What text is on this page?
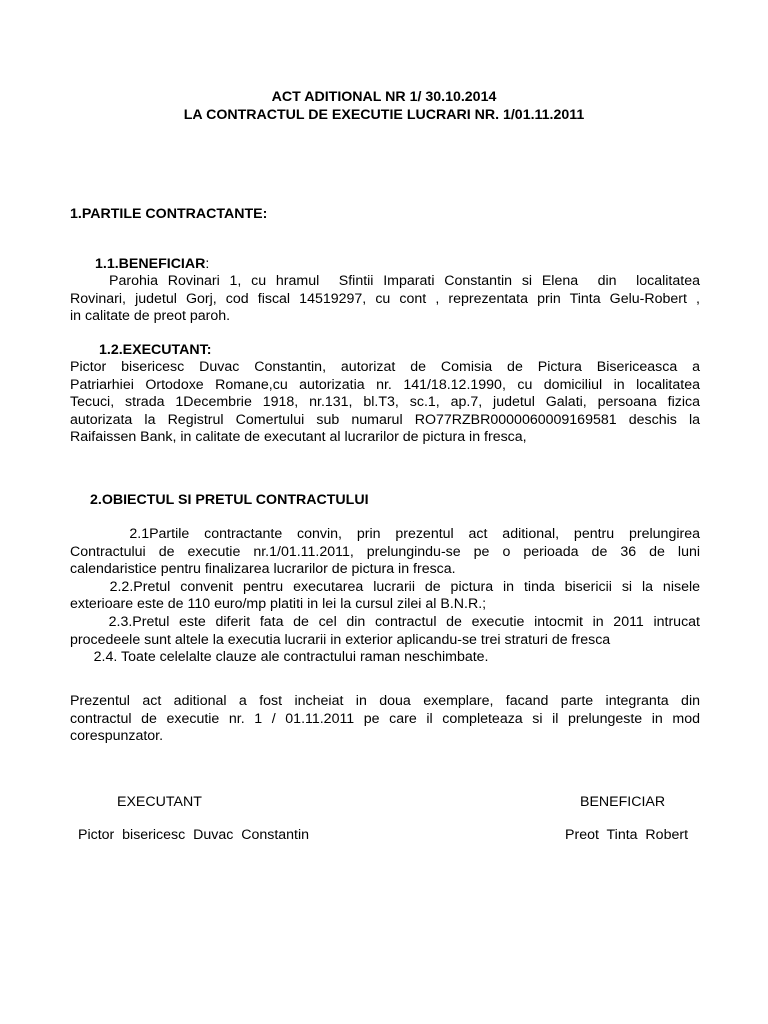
ACT ADITIONAL NR 1/ 30.10.2014
LA CONTRACTUL DE EXECUTIE LUCRARI NR. 1/01.11.2011
1.PARTILE CONTRACTANTE:
1.1.BENEFICIAR:
Parohia Rovinari 1, cu hramul  Sfintii Imparati Constantin si Elena  din  localitatea
Rovinari, judetul Gorj, cod fiscal 14519297, cu cont , reprezentata prin Tinta Gelu-Robert ,
in calitate de preot paroh.
1.2.EXECUTANT:
Pictor bisericesc Duvac Constantin, autorizat de Comisia de Pictura Bisericeasca a
Patriarhiei Ortodoxe Romane,cu autorizatia nr. 141/18.12.1990, cu domiciliul in localitatea
Tecuci, strada 1Decembrie 1918, nr.131, bl.T3, sc.1, ap.7, judetul Galati, persoana fizica
autorizata la Registrul Comertului sub numarul RO77RZBR0000060009169581 deschis la
Raifaissen Bank, in calitate de executant al lucrarilor de pictura in fresca,
2.OBIECTUL SI PRETUL CONTRACTULUI
2.1Partile contractante convin, prin prezentul act aditional, pentru prelungirea
Contractului de executie nr.1/01.11.2011, prelungindu-se pe o perioada de 36 de luni
calendaristice pentru finalizarea lucrarilor de pictura in fresca.
2.2.Pretul convenit pentru executarea lucrarii de pictura in tinda bisericii si la nisele
exterioare este de 110 euro/mp platiti in lei la cursul zilei al B.N.R.;
2.3.Pretul este diferit fata de cel din contractul de executie intocmit in 2011 intrucat
procedeele sunt altele la executia lucrarii in exterior aplicandu-se trei straturi de fresca
2.4. Toate celelalte clauze ale contractului raman neschimbate.
Prezentul act aditional a fost incheiat in doua exemplare, facand parte integranta din
contractul de executie nr. 1 / 01.11.2011 pe care il completeaza si il prelungeste in mod
corespunzator.
EXECUTANT	BENEFICIAR
Pictor  bisericesc  Duvac  Constantin	Preot  Tinta  Robert
